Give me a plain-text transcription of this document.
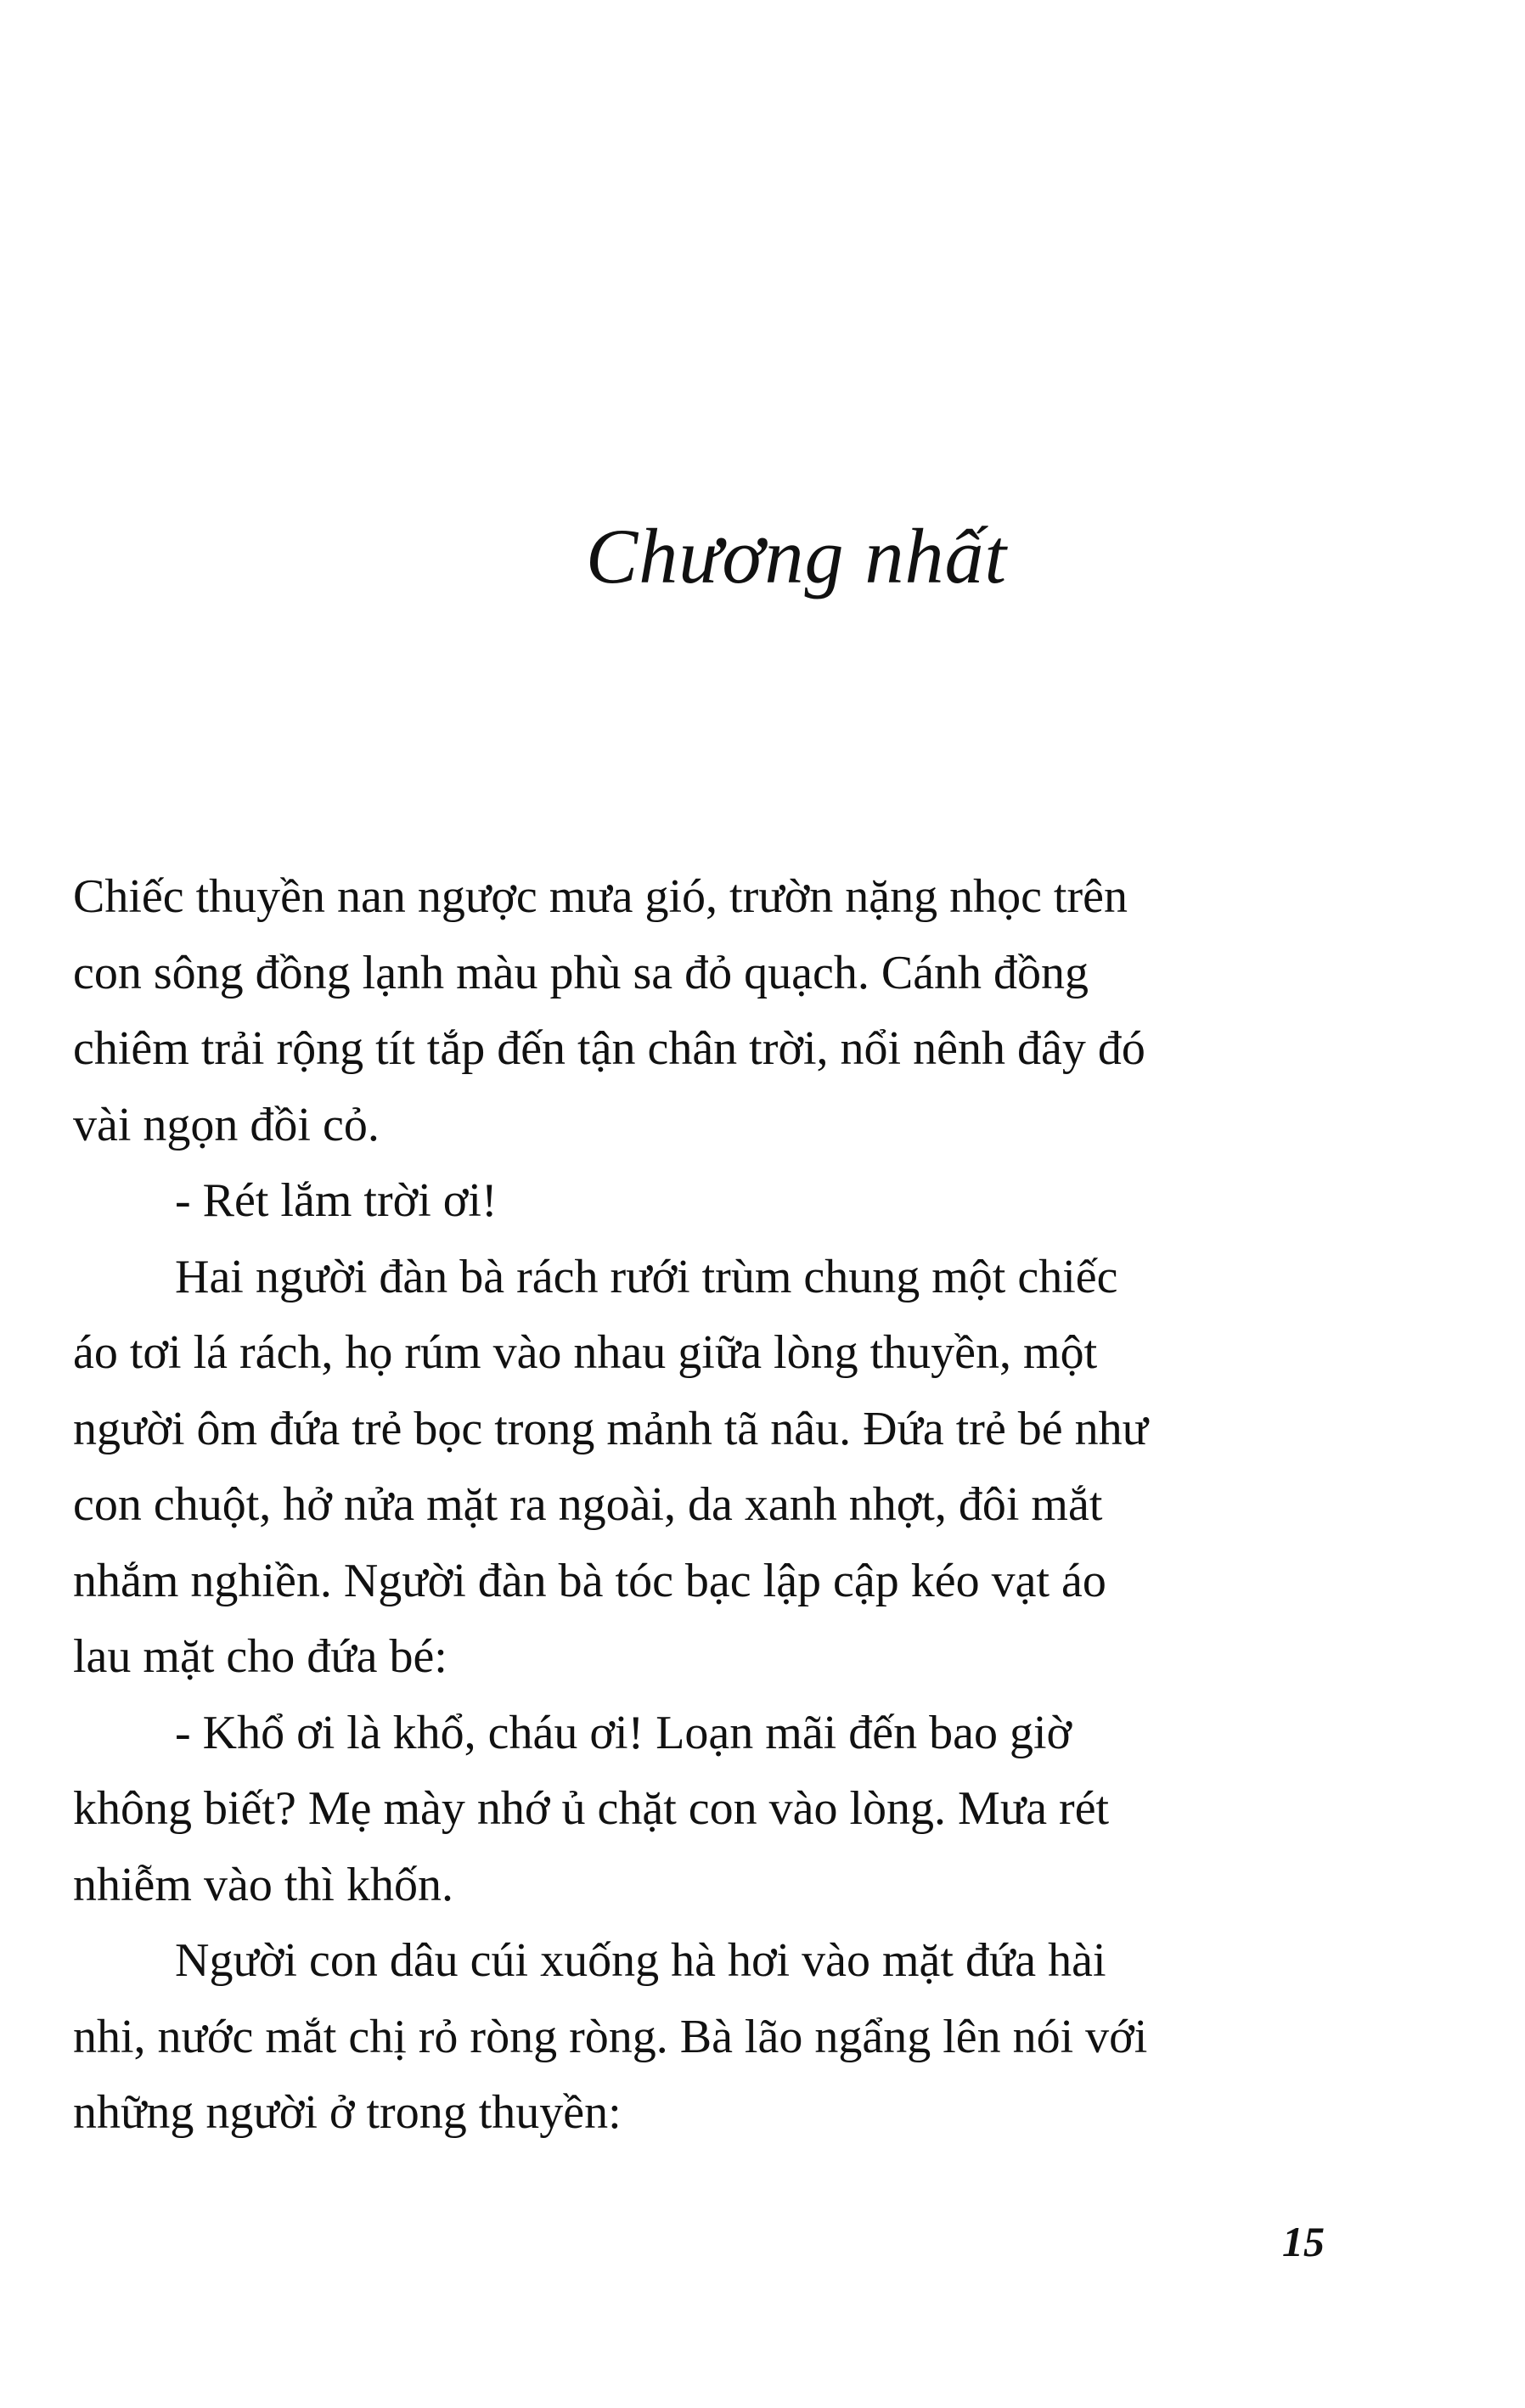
Chương nhất
Chiếc thuyền nan ngược mưa gió, trườn nặng nhọc trên
con sông đồng lạnh màu phù sa đỏ quạch. Cánh đồng
chiêm trải rộng tít tắp đến tận chân trời, nổi nênh đây đó
vài ngọn đồi cỏ.
- Rét lắm trời ơi!
Hai người đàn bà rách rưới trùm chung một chiếc
áo tơi lá rách, họ rúm vào nhau giữa lòng thuyền, một
người ôm đứa trẻ bọc trong mảnh tã nâu. Đứa trẻ bé như
con chuột, hở nửa mặt ra ngoài, da xanh nhợt, đôi mắt
nhắm nghiền. Người đàn bà tóc bạc lập cập kéo vạt áo
lau mặt cho đứa bé:
- Khổ ơi là khổ, cháu ơi! Loạn mãi đến bao giờ
không biết? Mẹ mày nhớ ủ chặt con vào lòng. Mưa rét
nhiễm vào thì khốn.
Người con dâu cúi xuống hà hơi vào mặt đứa hài
nhi, nước mắt chị rỏ ròng ròng. Bà lão ngẩng lên nói với
những người ở trong thuyền:

15
